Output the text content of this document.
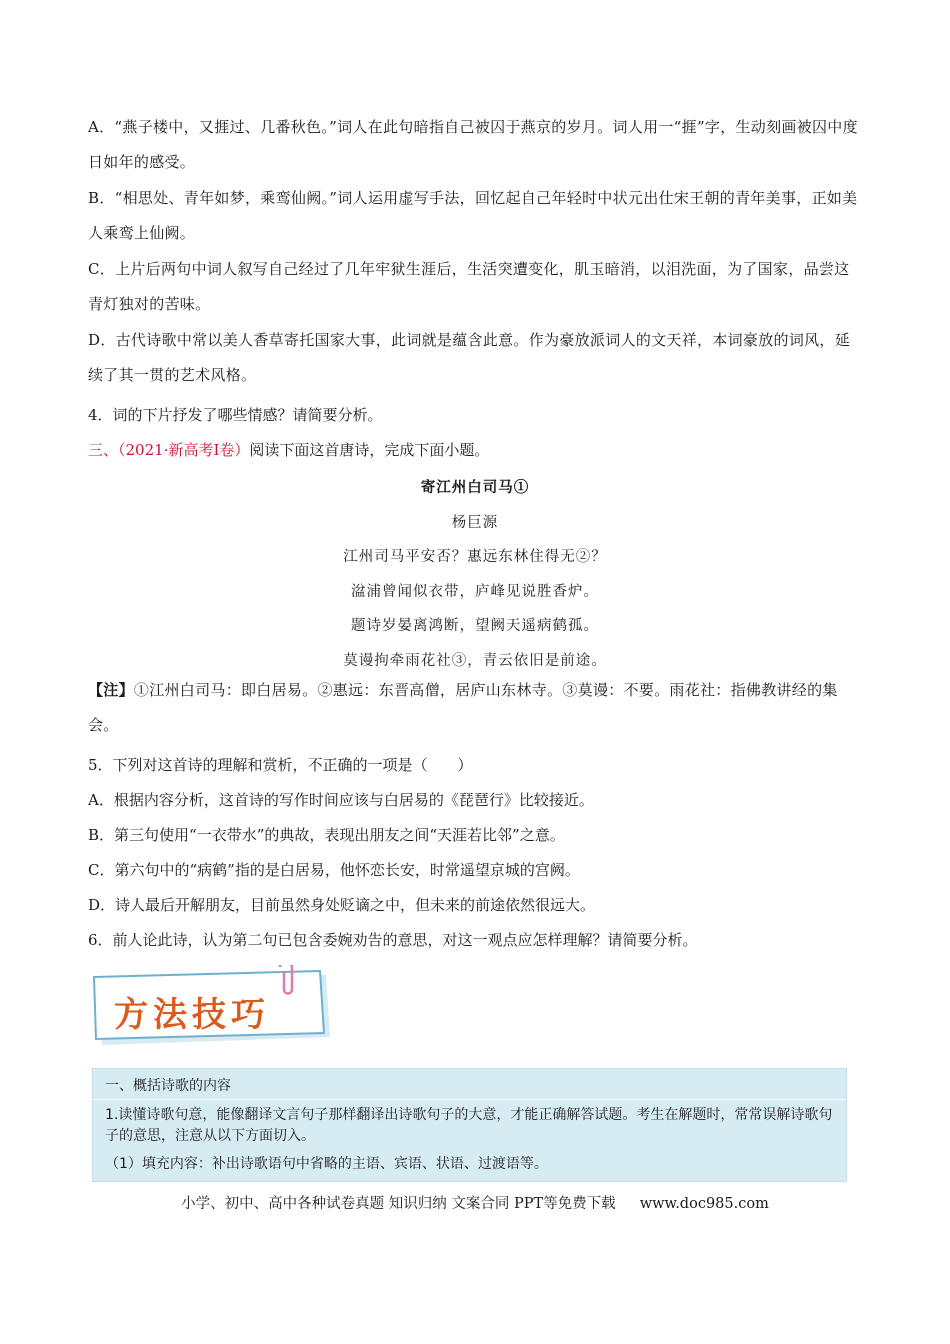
A．“燕子楼中，又捱过、几番秋色。”词人在此句暗指自己被囚于燕京的岁月。词人用一“捱”字，生动刻画被囚中度日如年的感受。

B．“相思处、青年如梦，乘鸾仙阙。”词人运用虚写手法，回忆起自己年轻时中状元出仕宋王朝的青年美事，正如美人乘鸾上仙阙。

C．上片后两句中词人叙写自己经过了几年牢狱生涯后，生活突遭变化，肌玉暗消，以泪洗面，为了国家，品尝这青灯独对的苦味。

D．古代诗歌中常以美人香草寄托国家大事，此词就是蕴含此意。作为豪放派词人的文天祥，本词豪放的词风，延续了其一贯的艺术风格。

4．词的下片抒发了哪些情感？请简要分析。

三、（2021·新高考Ⅰ卷）阅读下面这首唐诗，完成下面小题。

寄江州白司马①

杨巨源

江州司马平安否？惠远东林住得无②？

湓浦曾闻似衣带，庐峰见说胜香炉。

题诗岁晏离鸿断，望阙天遥病鹤孤。

莫谩拘牵雨花社③，青云依旧是前途。

【注】①江州白司马：即白居易。②惠远：东晋高僧，居庐山东林寺。③莫谩：不要。雨花社：指佛教讲经的集会。

5．下列对这首诗的理解和赏析，不正确的一项是（　　）

A．根据内容分析，这首诗的写作时间应该与白居易的《琵琶行》比较接近。

B．第三句使用“一衣带水”的典故，表现出朋友之间“天涯若比邻”之意。

C．第六句中的“病鹤”指的是白居易，他怀恋长安，时常遥望京城的宫阙。

D．诗人最后开解朋友，目前虽然身处贬谪之中，但未来的前途依然很远大。

6．前人论此诗，认为第二句已包含委婉劝告的意思，对这一观点应怎样理解？请简要分析。

方法技巧
一、概括诗歌的内容

1.读懂诗歌句意，能像翻译文言句子那样翻译出诗歌句子的大意，才能正确解答试题。考生在解题时，常常误解诗歌句子的意思，注意从以下方面切入。

（1）填充内容：补出诗歌语句中省略的主语、宾语、状语、过渡语等。

小学、初中、高中各种试卷真题 知识归纳 文案合同 PPT等免费下载 www.doc985.com
